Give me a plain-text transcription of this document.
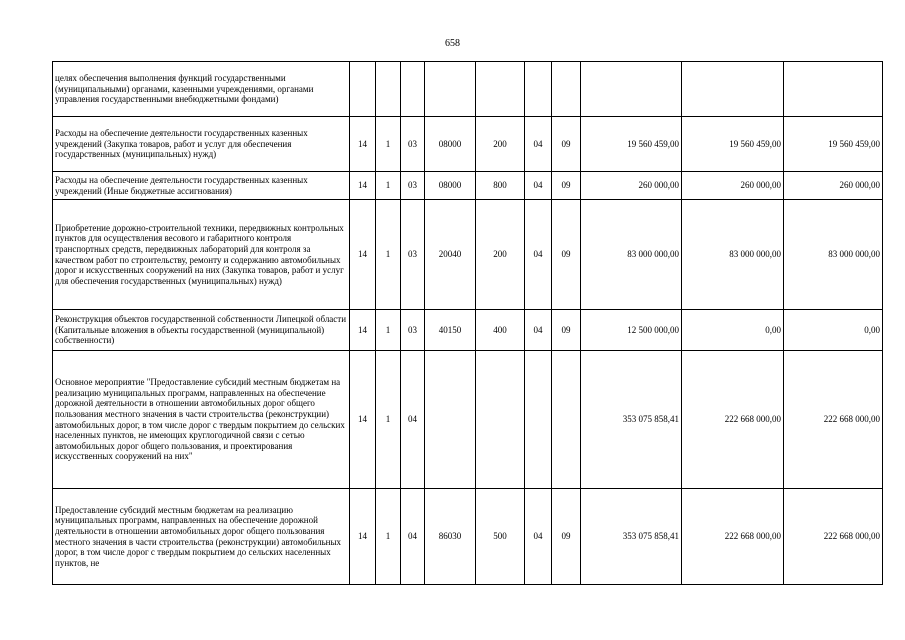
658
целях обеспечения выполнения функций государственными (муниципальными) органами, казенными учреждениями, органами управления государственными внебюджетными фондами)										
Расходы на обеспечение деятельности государственных казенных учреждений (Закупка товаров, работ и услуг для обеспечения государственных (муниципальных) нужд)	14	1	03	08000	200	04	09	19 560 459,00	19 560 459,00	19 560 459,00
Расходы на обеспечение деятельности государственных казенных учреждений (Иные бюджетные ассигнования)	14	1	03	08000	800	04	09	260 000,00	260 000,00	260 000,00
Приобретение дорожно-строительной техники, передвижных контрольных пунктов для осуществления весового и габаритного контроля транспортных средств, передвижных лабораторий для контроля за качеством работ по строительству, ремонту и содержанию автомобильных дорог и искусственных сооружений на них (Закупка товаров, работ и услуг для обеспечения государственных (муниципальных) нужд)	14	1	03	20040	200	04	09	83 000 000,00	83 000 000,00	83 000 000,00
Реконструкция объектов государственной собственности Липецкой области (Капитальные вложения в объекты государственной (муниципальной) собственности)	14	1	03	40150	400	04	09	12 500 000,00	0,00	0,00
Основное мероприятие "Предоставление субсидий местным бюджетам на реализацию муниципальных программ, направленных на обеспечение дорожной деятельности в отношении автомобильных дорог общего пользования местного значения в части строительства (реконструкции) автомобильных дорог, в том числе дорог с твердым покрытием до сельских населенных пунктов, не имеющих круглогодичной связи с сетью автомобильных дорог общего пользования, и проектирования искусственных сооружений на них"	14	1	04					353 075 858,41	222 668 000,00	222 668 000,00
Предоставление субсидий местным бюджетам на реализацию муниципальных программ, направленных на обеспечение дорожной деятельности в отношении автомобильных дорог общего пользования местного значения в части строительства (реконструкции) автомобильных дорог, в том числе дорог с твердым покрытием до сельских населенных пунктов, не	14	1	04	86030	500	04	09	353 075 858,41	222 668 000,00	222 668 000,00
